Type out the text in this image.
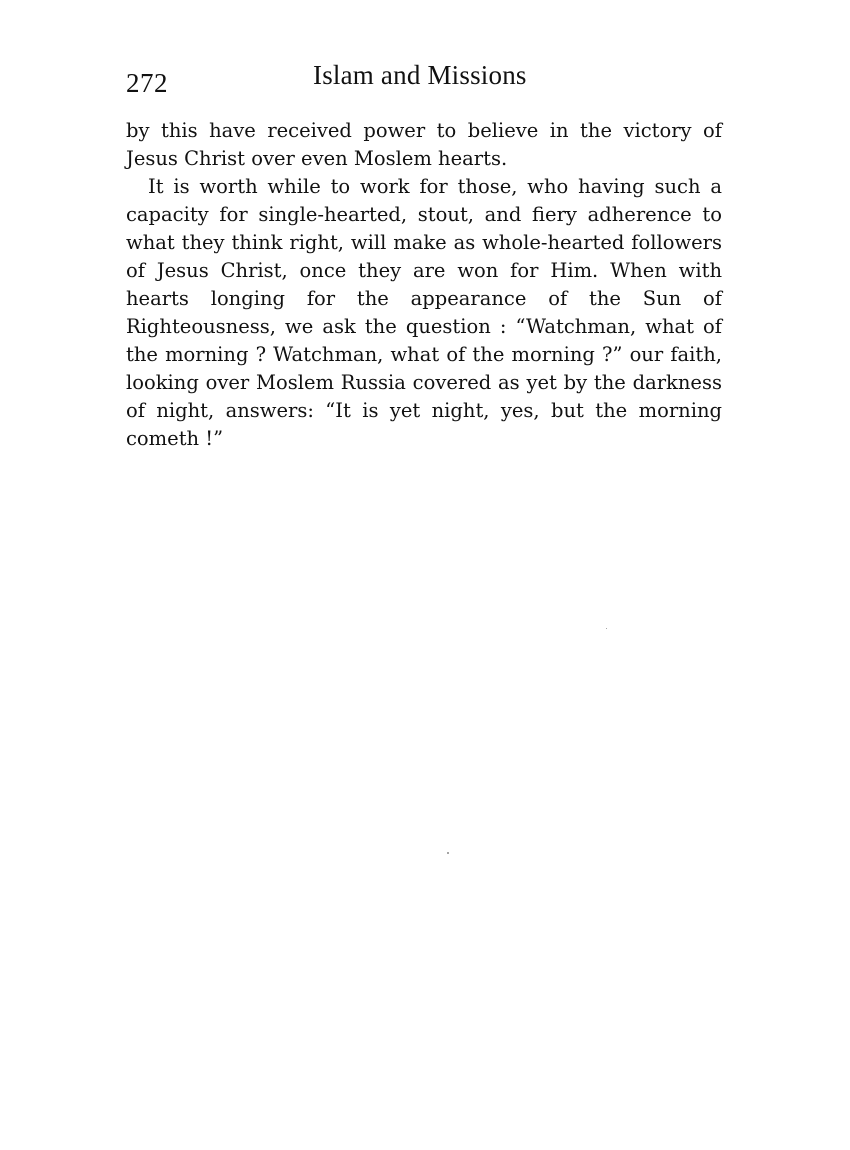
272	Islam and Missions

by this have received power to believe in the victory of Jesus Christ over even Moslem hearts.

It is worth while to work for those, who having such a capacity for single-hearted, stout, and fiery adherence to what they think right, will make as whole-hearted followers of Jesus Christ, once they are won for Him. When with hearts longing for the appearance of the Sun of Righteousness, we ask the question : “Watchman, what of the morning ? Watchman, what of the morning ?” our faith, looking over Moslem Russia covered as yet by the darkness of night, answers: “It is yet night, yes, but the morning cometh !”
